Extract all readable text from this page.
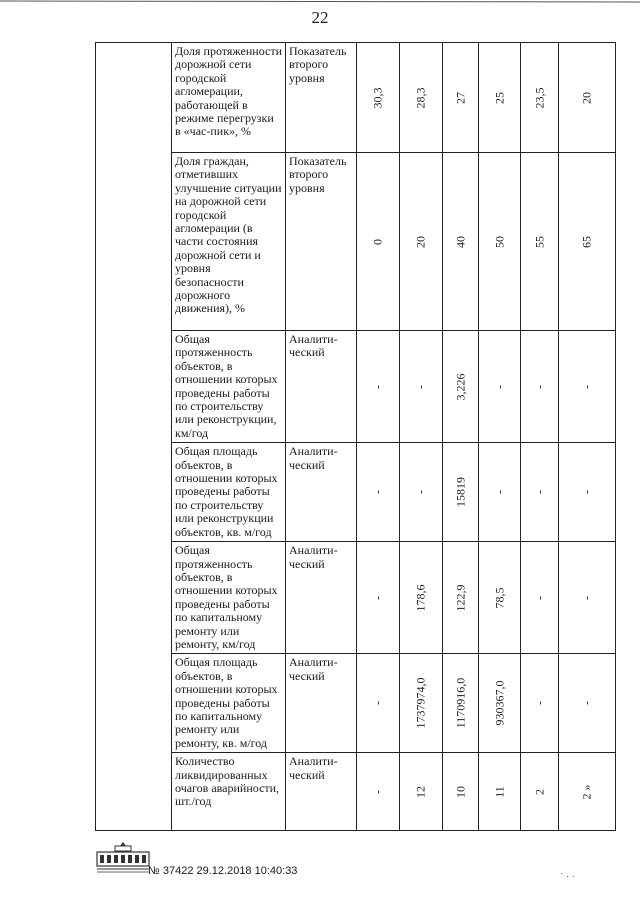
22
	Доля протяженности дорожной сети городской агломерации, работающей в режиме перегрузки в «час-пик», %	Показатель второго уровня	30,3	28,3	27	25	23,5	20

	Доля граждан, отметивших улучшение ситуации на дорожной сети городской агломерации (в части состояния дорожной сети и уровня безопасности дорожного движения), %	Показатель второго уровня	0	20	40	50	55	65

	Общая протяженность объектов, в отношении которых проведены работы по строительству или реконструкции, км/год	Аналити-ческий	-	-	3,226	-	-	-

	Общая площадь объектов, в отношении которых проведены работы по строительству или реконструкции объектов, кв. м/год	Аналити-ческий	-	-	15819	-	-	-

	Общая протяженность объектов, в отношении которых проведены работы по капитальному ремонту или ремонту, км/год	Аналити-ческий	-	178,6	122,9	78,5	-	-

	Общая площадь объектов, в отношении которых проведены работы по капитальному ремонту или ремонту, кв. м/год	Аналити-ческий	-	1737974,0	1170916,0	930367,0	-	-

	Количество ликвидированных очагов аварийности, шт./год	Аналити-ческий	-	12	10	11	2	2 »
№ 37422 29.12.2018 10:40:33
˙ · ·
